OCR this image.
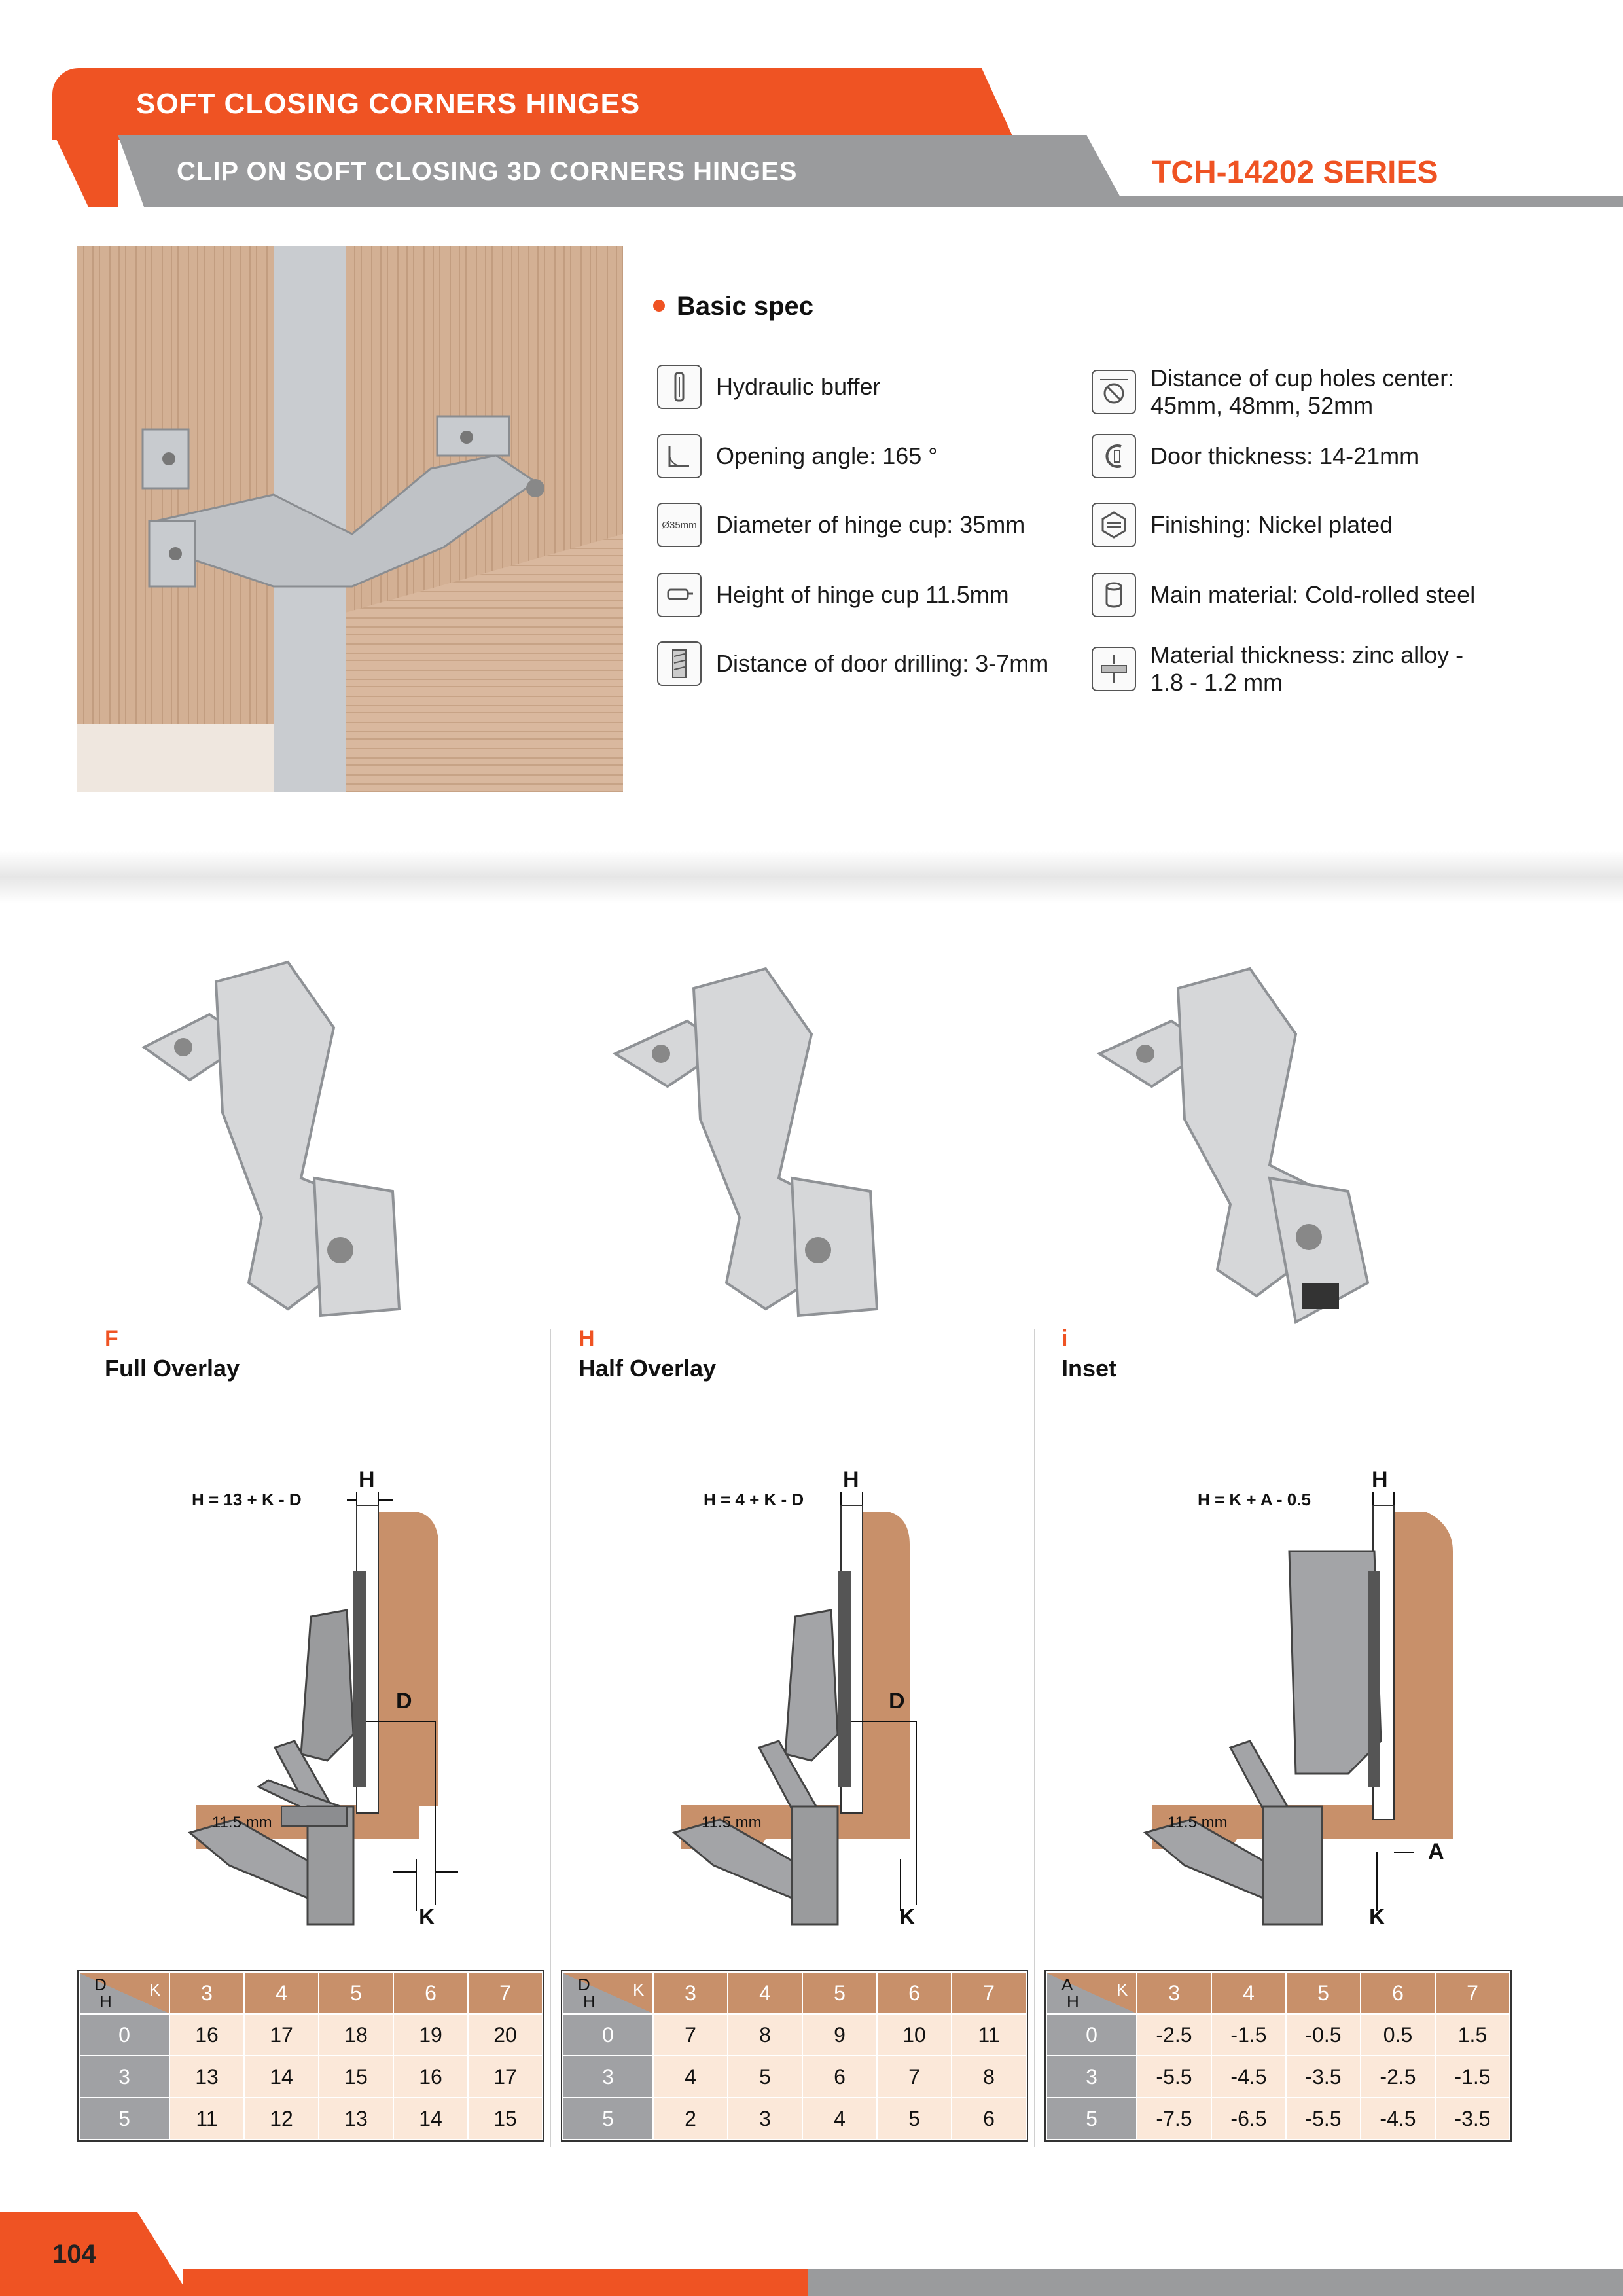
SOFT CLOSING CORNERS HINGES
CLIP ON SOFT CLOSING 3D CORNERS HINGES	TCH-14202 SERIES
Basic spec
Hydraulic buffer
Opening angle: 165 °
Ø35mm Diameter of hinge cup: 35mm
Height of hinge cup 11.5mm
Distance of door drilling: 3-7mm
Distance of cup holes center:
45mm, 48mm, 52mm
Door thickness: 14-21mm
Finishing: Nickel plated
Main material: Cold-rolled steel
Material thickness: zinc alloy -
1.8 - 1.2 mm
F
Full Overlay
H
Half Overlay
i
Inset
H = 13 + K - D
H
D
11.5 mm
K
H = 4 + K - D
H
D
11.5 mm
K
H = K + A - 0.5
H
11.5 mm
A
K
D
H
K	3	4	5	6	7
0	16	17	18	19	20
3	13	14	15	16	17
5	11	12	13	14	15
D
H
K	3	4	5	6	7
0	7	8	9	10	11
3	4	5	6	7	8
5	2	3	4	5	6
A
H
K	3	4	5	6	7
0	-2.5	-1.5	-0.5	0.5	1.5
3	-5.5	-4.5	-3.5	-2.5	-1.5
5	-7.5	-6.5	-5.5	-4.5	-3.5
104
